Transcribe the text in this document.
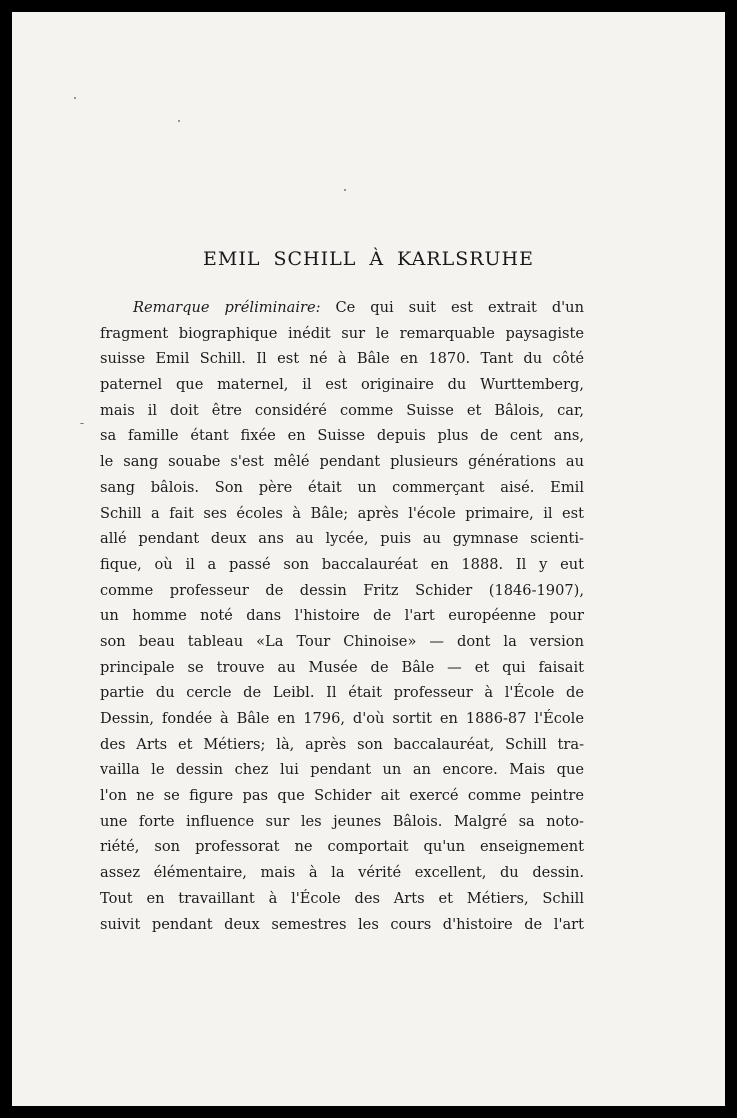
EMIL SCHILL À KARLSRUHE
Remarque préliminaire: Ce qui suit est extrait d'un
fragment biographique inédit sur le remarquable paysagiste
suisse Emil Schill. Il est né à Bâle en 1870. Tant du côté
paternel que maternel, il est originaire du Wurttemberg,
mais il doit être considéré comme Suisse et Bâlois, car,
sa famille étant fixée en Suisse depuis plus de cent ans,
le sang souabe s'est mêlé pendant plusieurs générations au
sang bâlois. Son père était un commerçant aisé. Emil
Schill a fait ses écoles à Bâle; après l'école primaire, il est
allé pendant deux ans au lycée, puis au gymnase scienti-
fique, où il a passé son baccalauréat en 1888. Il y eut
comme professeur de dessin Fritz Schider (1846-1907),
un homme noté dans l'histoire de l'art européenne pour
son beau tableau «La Tour Chinoise» — dont la version
principale se trouve au Musée de Bâle — et qui faisait
partie du cercle de Leibl. Il était professeur à l'École de
Dessin, fondée à Bâle en 1796, d'où sortit en 1886-87 l'École
des Arts et Métiers; là, après son baccalauréat, Schill tra-
vailla le dessin chez lui pendant un an encore. Mais que
l'on ne se figure pas que Schider ait exercé comme peintre
une forte influence sur les jeunes Bâlois. Malgré sa noto-
riété, son professorat ne comportait qu'un enseignement
assez élémentaire, mais à la vérité excellent, du dessin.
Tout en travaillant à l'École des Arts et Métiers, Schill
suivit pendant deux semestres les cours d'histoire de l'art
